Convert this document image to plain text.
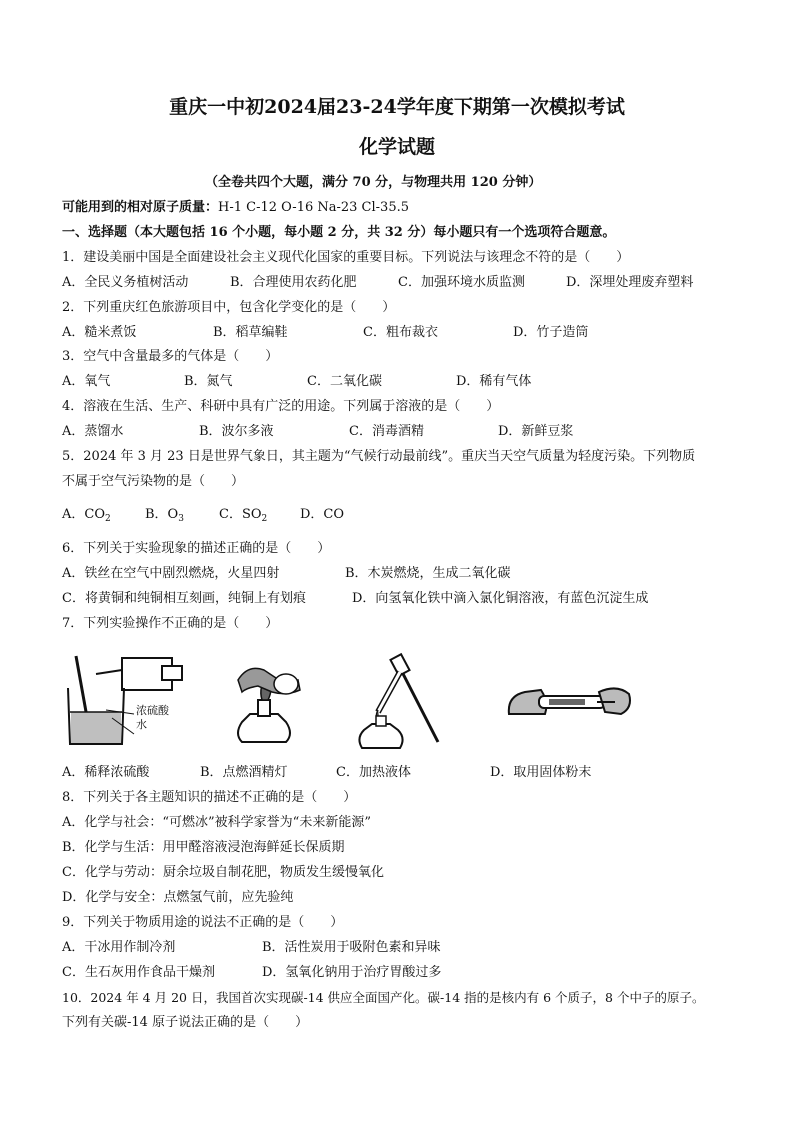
重庆一中初2024届23-24学年度下期第一次模拟考试
化学试题
（全卷共四个大题，满分 70 分，与物理共用 120 分钟）
可能用到的相对原子质量：H-1 C-12 O-16 Na-23 Cl-35.5
一、选择题（本大题包括 16 个小题，每小题 2 分，共 32 分）每小题只有一个选项符合题意。
1．建设美丽中国是全面建设社会主义现代化国家的重要目标。下列说法与该理念不符的是（　　）
A．全民义务植树活动	B．合理使用农药化肥	C．加强环境水质监测	D．深埋处理废弃塑料
2．下列重庆红色旅游项目中，包含化学变化的是（　　）
A．糙米煮饭	B．稻草编鞋	C．粗布裁衣	D．竹子造筒
3．空气中含量最多的气体是（　　）
A．氧气	B．氮气	C．二氧化碳	D．稀有气体
4．溶液在生活、生产、科研中具有广泛的用途。下列属于溶液的是（　　）
A．蒸馏水	B．波尔多液	C．消毒酒精	D．新鲜豆浆
5．2024 年 3 月 23 日是世界气象日，其主题为“气候行动最前线”。重庆当天空气质量为轻度污染。下列物质
不属于空气污染物的是（　　）
A．$CO_2$	B．$O_3$	C．$SO_2$	D．CO
6．下列关于实验现象的描述正确的是（　　）
A．铁丝在空气中剧烈燃烧，火星四射	B．木炭燃烧，生成二氧化碳
C．将黄铜和纯铜相互刻画，纯铜上有划痕	D．向氢氧化铁中滴入氯化铜溶液，有蓝色沉淀生成
7．下列实验操作不正确的是（　　）
浓硫酸
水
A．稀释浓硫酸	B．点燃酒精灯	C．加热液体	D．取用固体粉末
8．下列关于各主题知识的描述不正确的是（　　）
A．化学与社会：“可燃冰”被科学家誉为“未来新能源”
B．化学与生活：用甲醛溶液浸泡海鲜延长保质期
C．化学与劳动：厨余垃圾自制花肥，物质发生缓慢氧化
D．化学与安全：点燃氢气前，应先验纯
9．下列关于物质用途的说法不正确的是（　　）
A．干冰用作制冷剂	B．活性炭用于吸附色素和异味
C．生石灰用作食品干燥剂	D．氢氧化钠用于治疗胃酸过多
10．2024 年 4 月 20 日，我国首次实现碳-14 供应全面国产化。碳-14 指的是核内有 6 个质子，8 个中子的原子。
下列有关碳-14 原子说法正确的是（　　）
